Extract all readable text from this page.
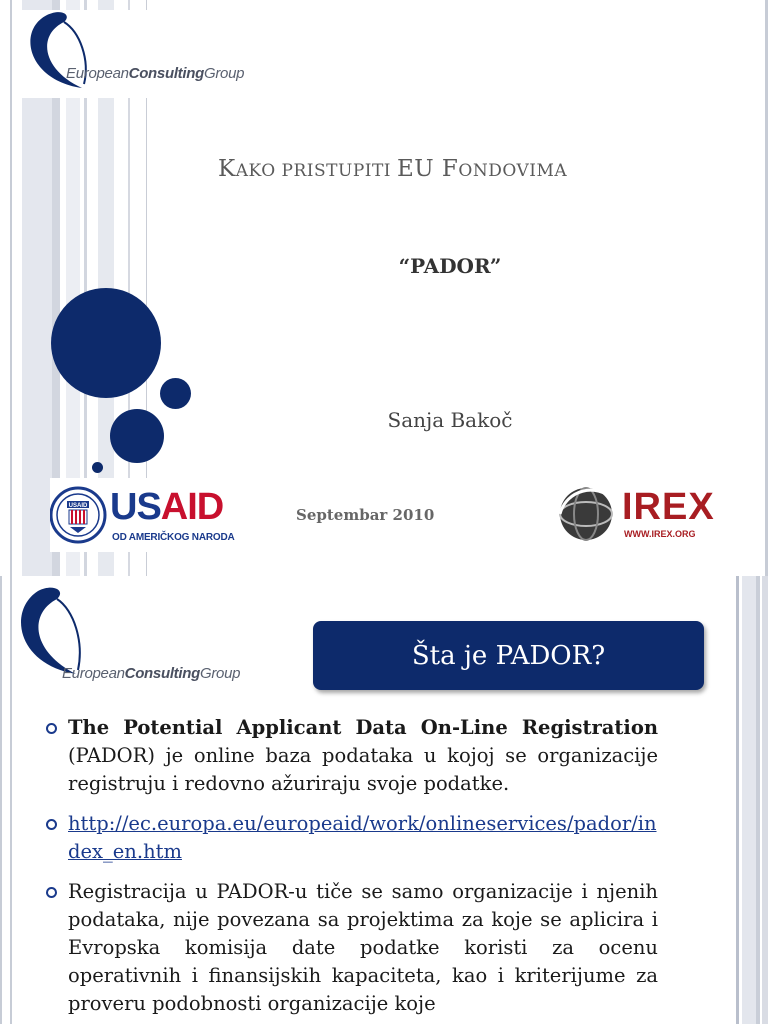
EuropeanConsultingGroup
KAKO PRISTUPITI EU FONDOVIMA
“PADOR”
Sanja Bakoč
USAID USAID
OD AMERIČKOG NARODA
Septembar 2010	IREX
WWW.IREX.ORG
EuropeanConsultingGroup
Šta je PADOR?
The Potential Applicant Data On-Line Registration (PADOR) je online baza podataka u kojoj se organizacije registruju i redovno ažuriraju svoje podatke.
http://ec.europa.eu/europeaid/work/onlineservices/pador/index_en.htm
Registracija u PADOR-u tiče se samo organizacije i njenih podataka, nije povezana sa projektima za koje se aplicira i Evropska komisija date podatke koristi za ocenu operativnih i finansijskih kapaciteta, kao i kriterijume za proveru podobnosti organizacije koje
